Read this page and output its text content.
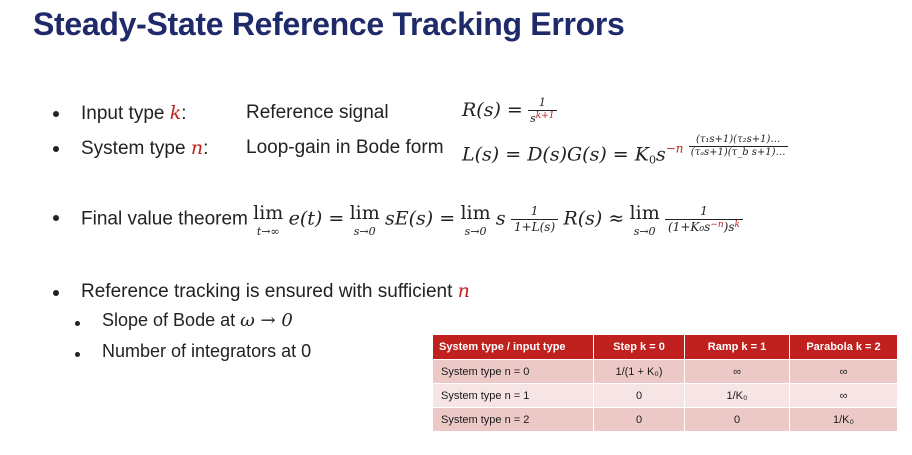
Steady-State Reference Tracking Errors
Input type k:	Reference signal	$R(s) = \frac{1}{s^{k+1}}$
System type n: Loop-gain in Bode form $L(s) = D(s)G(s) = K_0s^{-n} \frac{\text{(τ₁s+1)(τ₂s+1)…}}{\text{(τₐs+1)(τ\_b s+1)…}}$
Final value theorem lim
t→∞
e(t) = lim
s→0
sE(s) = lim
s→0
s $\frac{1}{1+L(s)} R(s) \approx \lim$
s→0
$\frac{1}{(1+K_0s^{-n})s^k}$
Reference tracking is ensured with sufficient n
Slope of Bode at ω → 0
Number of integrators at 0	System type / input type	Step k = 0	Ramp k = 1	Parabola k = 2
System type n = 0	1/(1 + K₀)	∞	∞
System type n = 1	0	1/K₀	∞
System type n = 2	0	0	1/K₀
